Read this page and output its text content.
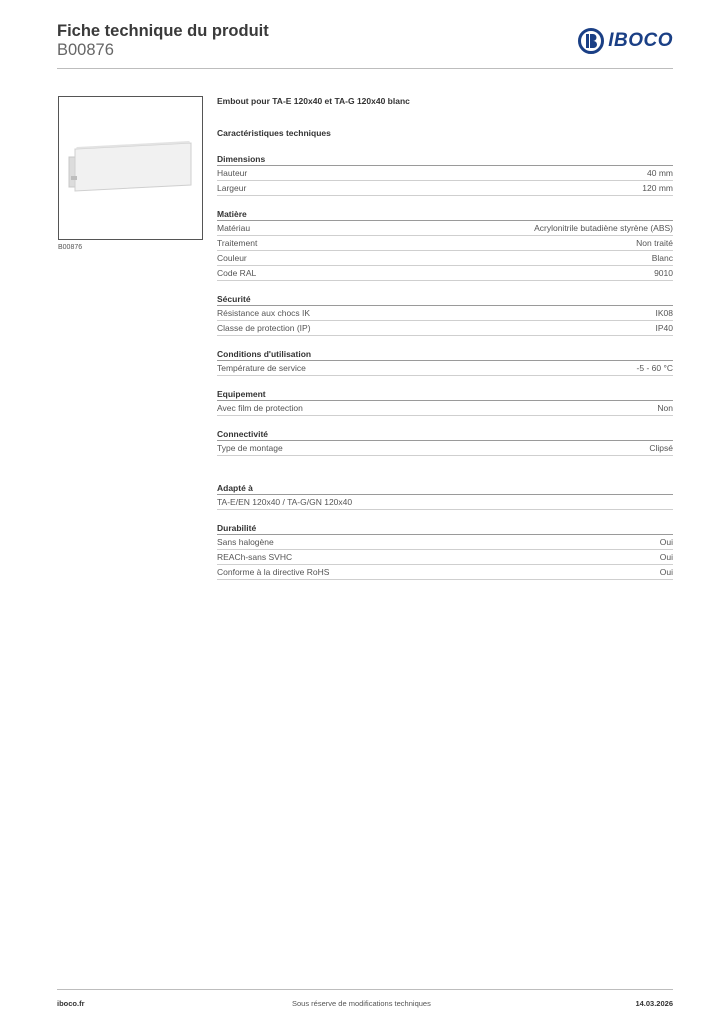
Fiche technique du produit
B00876	IBOCO
B00876
Embout pour TA-E 120x40 et TA-G 120x40 blanc
Caractéristiques techniques
Dimensions
Hauteur	40 mm
Largeur	120 mm
Matière
Matériau	Acrylonitrile butadiène styrène (ABS)
Traitement	Non traité
Couleur	Blanc
Code RAL	9010
Sécurité
Résistance aux chocs IK	IK08
Classe de protection (IP)	IP40
Conditions d'utilisation
Température de service	-5 - 60 °C
Equipement
Avec film de protection	Non
Connectivité
Type de montage	Clipsé
Adapté à
TA-E/EN 120x40 / TA-G/GN 120x40
Durabilité
Sans halogène	Oui
REACh-sans SVHC	Oui
Conforme à la directive RoHS	Oui
iboco.fr	Sous réserve de modifications techniques	14.03.2026
